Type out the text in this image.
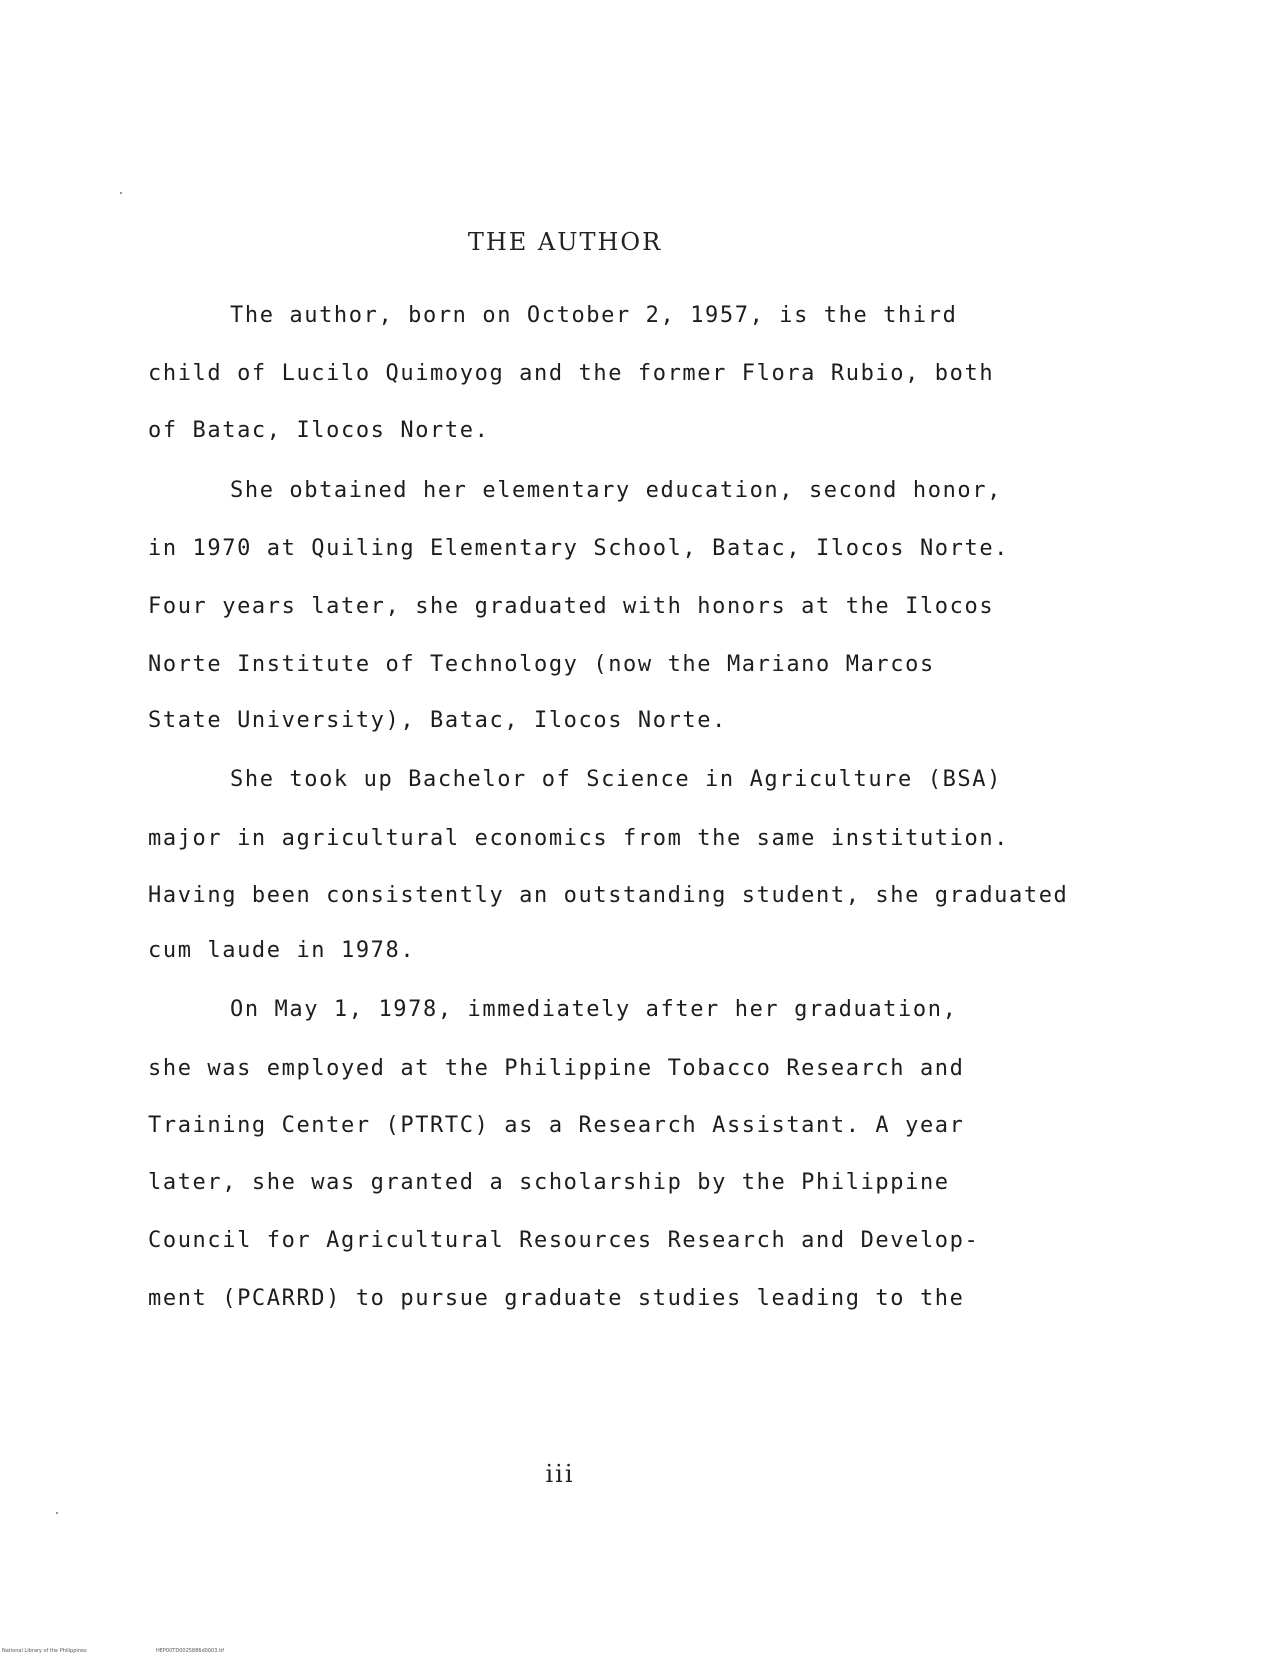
THE AUTHOR
The author, born on October 2, 1957, is the third
child of Lucilo Quimoyog and the former Flora Rubio, both
of Batac, Ilocos Norte.
She obtained her elementary education, second honor,
in 1970 at Quiling Elementary School, Batac, Ilocos Norte.
Four years later, she graduated with honors at the Ilocos
Norte Institute of Technology (now the Mariano Marcos
State University), Batac, Ilocos Norte.
She took up Bachelor of Science in Agriculture (BSA)
major in agricultural economics from the same institution.
Having been consistently an outstanding student, she graduated
cum laude in 1978.
On May 1, 1978, immediately after her graduation,
she was employed at the Philippine Tobacco Research and
Training Center (PTRTC) as a Research Assistant. A year
later, she was granted a scholarship by the Philippine
Council for Agricultural Resources Research and Develop-
ment (PCARRD) to pursue graduate studies leading to the
iii
National Library of the Philippines	HEP00TD0025886d0003.tif
